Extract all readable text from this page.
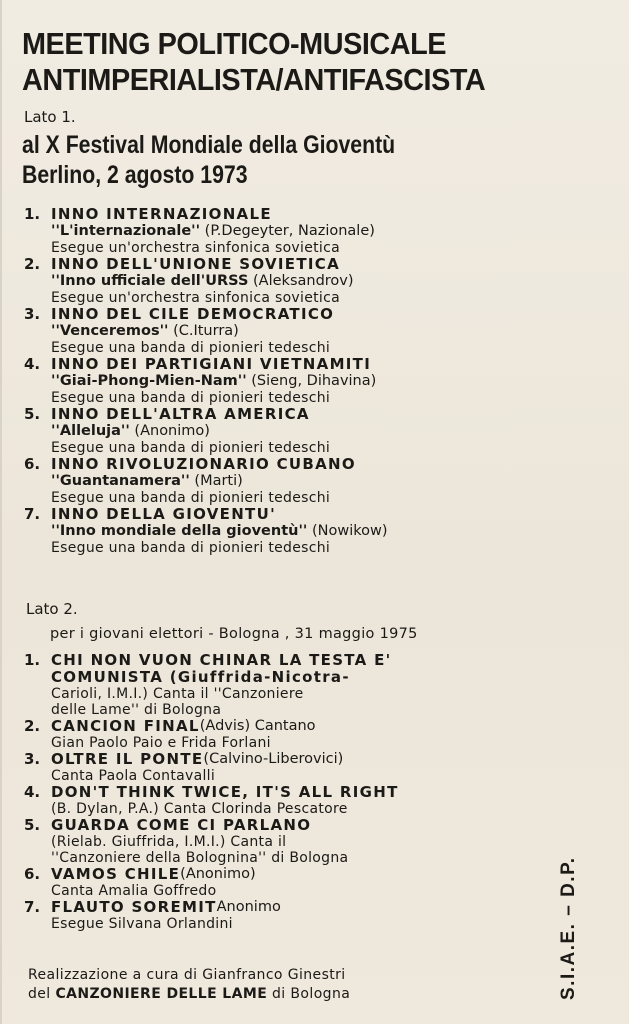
MEETING POLITICO-MUSICALE
ANTIMPERIALISTA/ANTIFASCISTA

Lato 1.

al X Festival Mondiale della Gioventù
Berlino, 2 agosto 1973
1. INNO INTERNAZIONALE
''L'internazionale'' (P.Degeyter, Nazionale)
Esegue un'orchestra sinfonica sovietica
2. INNO DELL'UNIONE SOVIETICA
''Inno ufficiale dell'URSS (Aleksandrov)
Esegue un'orchestra sinfonica sovietica
3. INNO DEL CILE DEMOCRATICO
''Venceremos'' (C.Iturra)
Esegue una banda di pionieri tedeschi
4. INNO DEI PARTIGIANI VIETNAMITI
''Giai-Phong-Mien-Nam'' (Sieng, Dihavina)
Esegue una banda di pionieri tedeschi
5. INNO DELL'ALTRA AMERICA
''Alleluja'' (Anonimo)
Esegue una banda di pionieri tedeschi
6. INNO RIVOLUZIONARIO CUBANO
''Guantanamera'' (Marti)
Esegue una banda di pionieri tedeschi
7. INNO DELLA GIOVENTU'
''Inno mondiale della gioventù'' (Nowikow)
Esegue una banda di pionieri tedeschi

Lato 2.

per i giovani elettori - Bologna , 31 maggio 1975

1. CHI NON VUON CHINAR LA TESTA E'
COMUNISTA (Giuffrida-Nicotra-
Carioli, I.M.I.) Canta il ''Canzoniere
delle Lame'' di Bologna
2. CANCION FINAL (Advis) Cantano
Gian Paolo Paio e Frida Forlani
3. OLTRE IL PONTE (Calvino-Liberovici)
Canta Paola Contavalli
4. DON'T THINK TWICE, IT'S ALL RIGHT
(B. Dylan, P.A.) Canta Clorinda Pescatore
5. GUARDA COME CI PARLANO
(Rielab. Giuffrida, I.M.I.) Canta il
''Canzoniere della Bolognina'' di Bologna
6. VAMOS CHILE (Anonimo)
Canta Amalia Goffredo
7. FLAUTO SOREMIT Anonimo
Esegue Silvana Orlandini

Realizzazione a cura di Gianfranco Ginestri
del CANZONIERE DELLE LAME di Bologna	S.I.A.E. – D.P.
